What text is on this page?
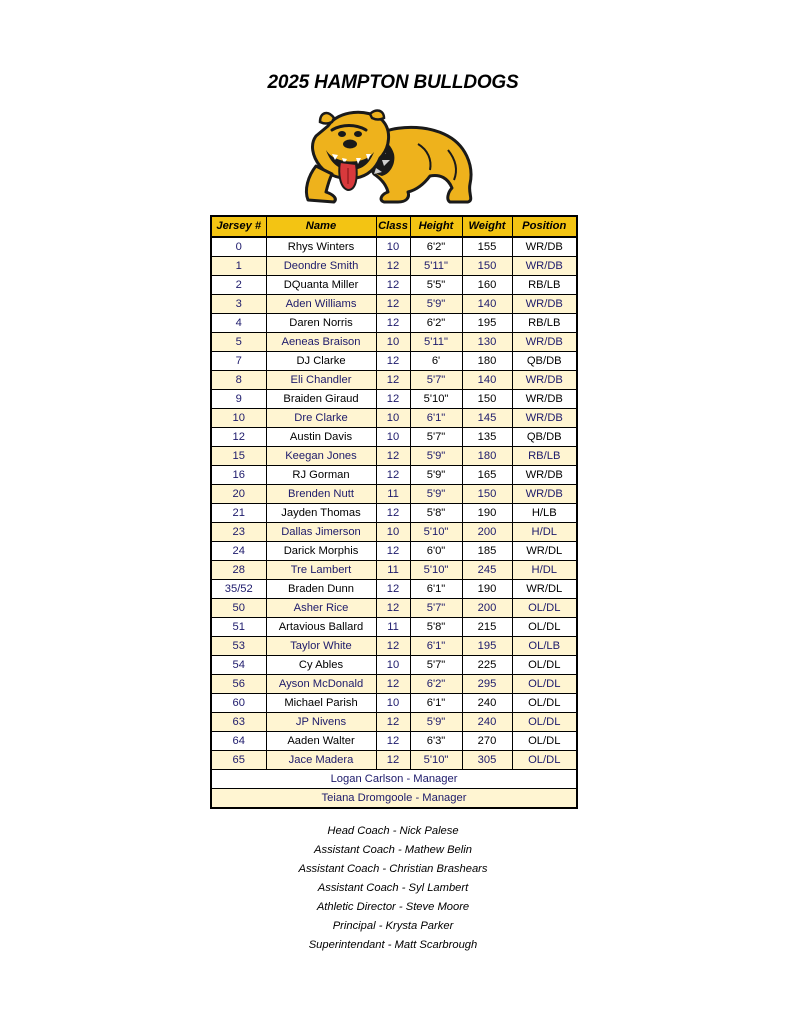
2025 HAMPTON BULLDOGS
Jersey #	Name	Class	Height	Weight	Position
0	Rhys Winters	10	6'2"	155	WR/DB
1	Deondre Smith	12	5'11"	150	WR/DB
2	DQuanta Miller	12	5'5"	160	RB/LB
3	Aden Williams	12	5'9"	140	WR/DB
4	Daren Norris	12	6'2"	195	RB/LB
5	Aeneas Braison	10	5'11"	130	WR/DB
7	DJ Clarke	12	6'	180	QB/DB
8	Eli Chandler	12	5'7"	140	WR/DB
9	Braiden Giraud	12	5'10"	150	WR/DB
10	Dre Clarke	10	6'1"	145	WR/DB
12	Austin Davis	10	5'7"	135	QB/DB
15	Keegan Jones	12	5'9"	180	RB/LB
16	RJ Gorman	12	5'9"	165	WR/DB
20	Brenden Nutt	11	5'9"	150	WR/DB
21	Jayden Thomas	12	5'8"	190	H/LB
23	Dallas Jimerson	10	5'10"	200	H/DL
24	Darick Morphis	12	6'0"	185	WR/DL
28	Tre Lambert	11	5'10"	245	H/DL
35/52	Braden Dunn	12	6'1"	190	WR/DL
50	Asher Rice	12	5'7"	200	OL/DL
51	Artavious Ballard	11	5'8"	215	OL/DL
53	Taylor White	12	6'1"	195	OL/LB
54	Cy Ables	10	5'7"	225	OL/DL
56	Ayson McDonald	12	6'2"	295	OL/DL
60	Michael Parish	10	6'1"	240	OL/DL
63	JP Nivens	12	5'9"	240	OL/DL
64	Aaden Walter	12	6'3"	270	OL/DL
65	Jace Madera	12	5'10"	305	OL/DL
Logan Carlson - Manager					
Teiana Dromgoole - Manager					
Head Coach - Nick Palese
Assistant Coach - Mathew Belin
Assistant Coach - Christian Brashears
Assistant Coach - Syl Lambert
Athletic Director - Steve Moore
Principal - Krysta Parker
Superintendant - Matt Scarbrough
